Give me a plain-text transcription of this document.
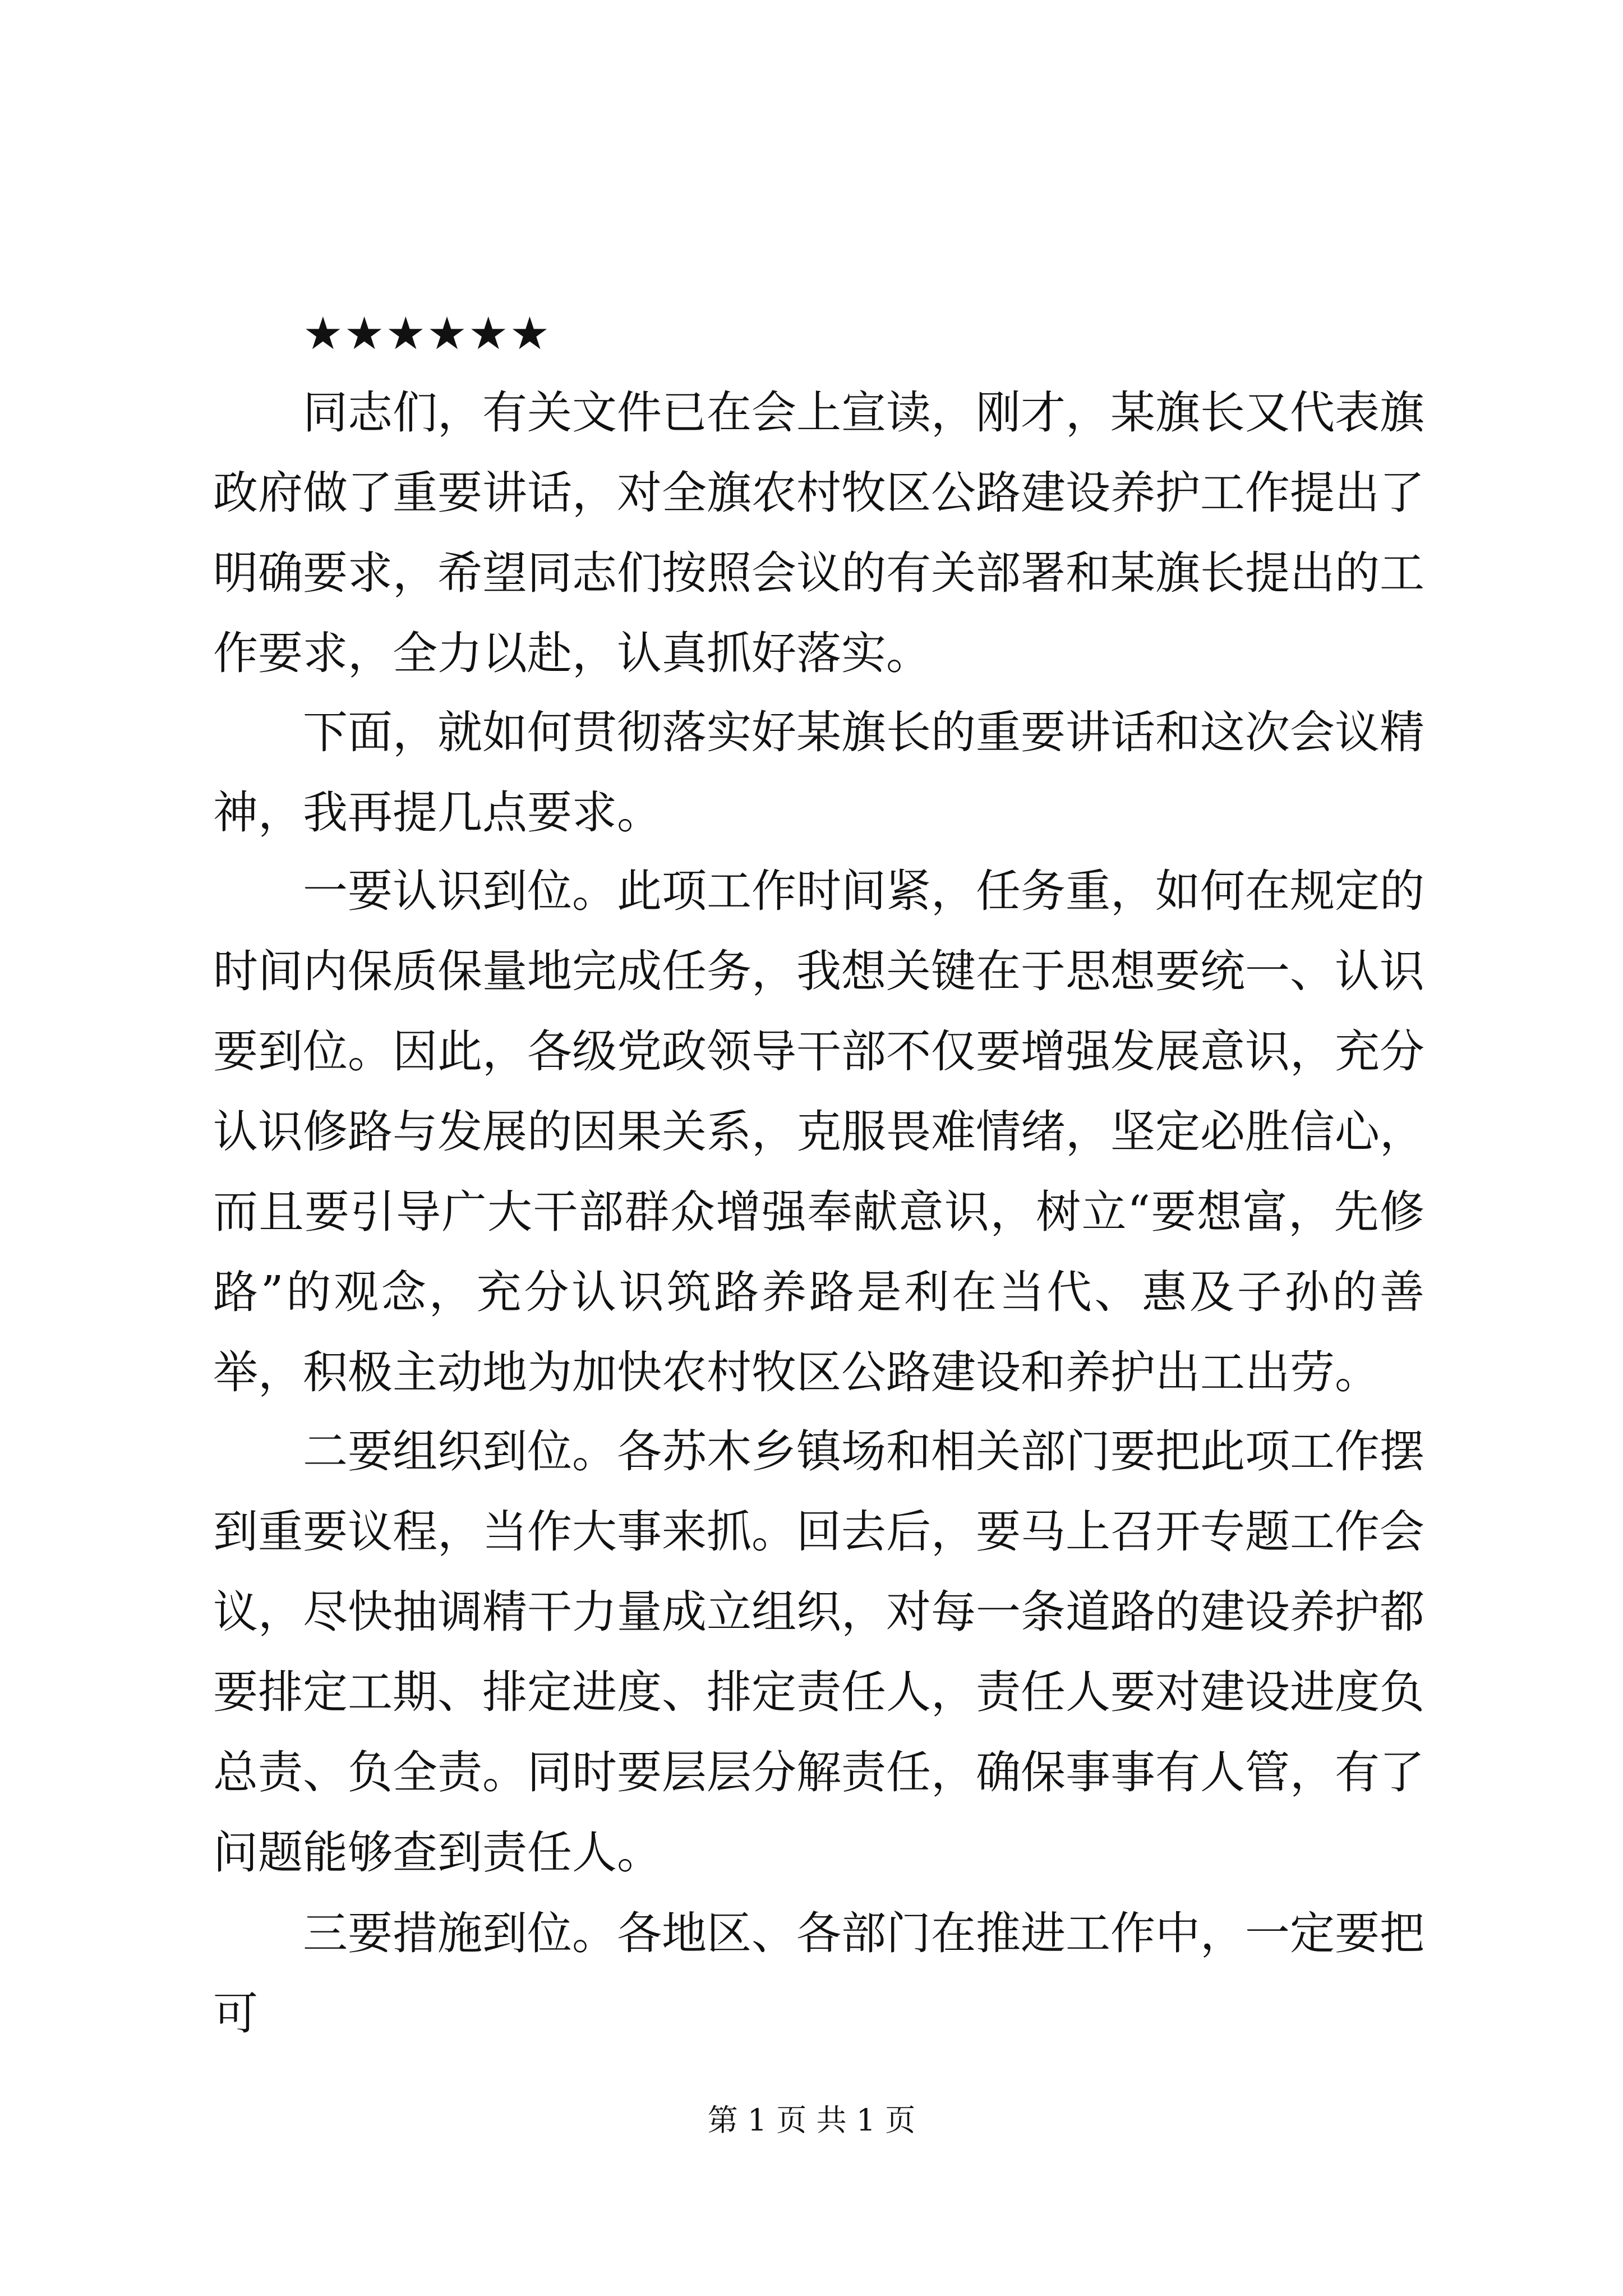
★★★★★★

同志们，有关文件已在会上宣读，刚才，某旗长又代表旗政府做了重要讲话，对全旗农村牧区公路建设养护工作提出了明确要求，希望同志们按照会议的有关部署和某旗长提出的工作要求，全力以赴，认真抓好落实。

下面，就如何贯彻落实好某旗长的重要讲话和这次会议精神，我再提几点要求。

一要认识到位。此项工作时间紧，任务重，如何在规定的时间内保质保量地完成任务，我想关键在于思想要统一、认识要到位。因此，各级党政领导干部不仅要增强发展意识，充分认识修路与发展的因果关系，克服畏难情绪，坚定必胜信心，而且要引导广大干部群众增强奉献意识，树立“要想富，先修路”的观念，充分认识筑路养路是利在当代、惠及子孙的善举，积极主动地为加快农村牧区公路建设和养护出工出劳。

二要组织到位。各苏木乡镇场和相关部门要把此项工作摆到重要议程，当作大事来抓。回去后，要马上召开专题工作会议，尽快抽调精干力量成立组织，对每一条道路的建设养护都要排定工期、排定进度、排定责任人，责任人要对建设进度负总责、负全责。同时要层层分解责任，确保事事有人管，有了问题能够查到责任人。

三要措施到位。各地区、各部门在推进工作中，一定要把可

第 1 页 共 1 页
